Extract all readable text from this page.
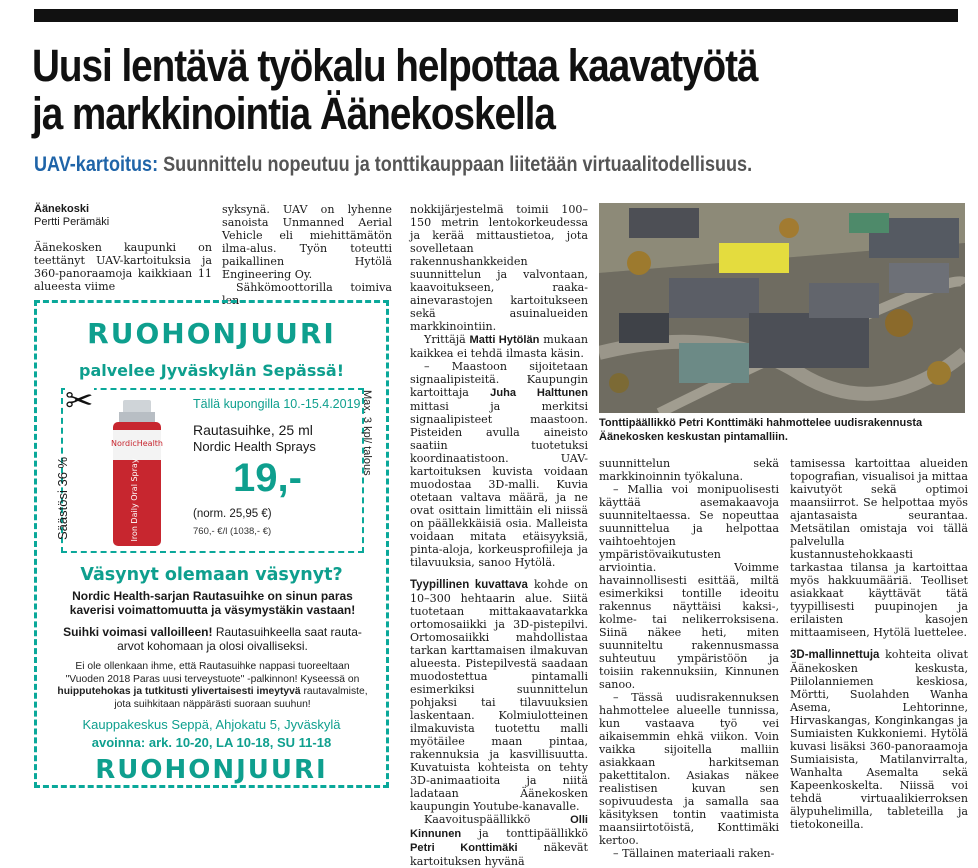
Uusi lentävä työkalu helpottaa kaavatyötä
ja markkinointia Äänekoskella
UAV-kartoitus: Suunnittelu nopeutuu ja tonttikauppaan liitetään virtuaalitodellisuus.
Äänekoski
Pertti Perämäki

Äänekosken kaupunki on teettänyt UAV-kartoituksia ja 360-panoraamoja kaikkiaan 11 alueesta viime

syksynä. UAV on lyhenne sanoista Unmanned Aerial Vehicle eli miehittämätön ilma-alus. Työn toteutti paikallinen Hytölä Engineering Oy.

Sähkömoottorilla toimiva len-

RUOHONJUURI
palvelee Jyväskylän Sepässä!
Säästösi 36 %
NordicHealth
Iron Daily Oral Spray
Tällä kupongilla 10.-15.4.2019
Rautasuihke, 25 ml
Nordic Health Sprays
19,-
(norm. 25,95 €)
760,- €/l (1038,- €)
Max. 3 kpl/ talous
✂
Väsynyt olemaan väsynyt?
Nordic Health-sarjan Rautasuihke on sinun paras kaverisi voimattomuutta ja väsymystäkin vastaan!
Suihki voimasi valloilleen! Rautasuihkeella saat rauta-arvot kohomaan ja olosi oivalliseksi.
Ei ole ollenkaan ihme, että Rautasuihke nappasi tuoreeltaan "Vuoden 2018 Paras uusi terveystuote" -palkinnon! Kyseessä on huipputehokas ja tutkitusti ylivertaisesti imeytyvä rautavalmiste, jota suihkitaan näppärästi suoraan suuhun!
Kauppakeskus Seppä, Ahjokatu 5, Jyväskylä
avoinna: ark. 10-20, LA 10-18, SU 11-18
RUOHONJUURI

nokkijärjestelmä toimii 100–150 metrin lentokorkeudessa ja kerää mittaustietoa, jota sovelletaan rakennushankkeiden suunnittelun ja valvontaan, kaavoitukseen, raaka-ainevarastojen kartoitukseen sekä asuinalueiden markkinointiin.

Yrittäjä Matti Hytölän mukaan kaikkea ei tehdä ilmasta käsin.

– Maastoon sijoitetaan signaalipisteitä. Kaupungin kartoittaja Juha Halttunen mittasi ja merkitsi signaalipisteet maastoon. Pisteiden avulla aineisto saatiin tuotetuksi koordinaatistoon. UAV-kartoituksen kuvista voidaan muodostaa 3D-malli. Kuvia otetaan valtava määrä, ja ne ovat osittain limittäin eli niissä on päällekkäisiä osia. Malleista voidaan mitata etäisyyksiä, pinta-aloja, korkeusprofiileja ja tilavuuksia, sanoo Hytölä.

Tyypillinen kuvattava kohde on 10–300 hehtaarin alue. Siitä tuotetaan mittakaavatarkka ortomosaiikki ja 3D-pistepilvi. Ortomosaiikki mahdollistaa tarkan karttamaisen ilmakuvan alueesta. Pistepilvestä saadaan muodostettua pintamalli esimerkiksi suunnittelun pohjaksi tai tilavuuksien laskentaan. Kolmiulotteinen ilmakuvista tuotettu malli myötäilee maan pintaa, rakennuksia ja kasvillisuutta. Kuvatuista kohteista on tehty 3D-animaatioita ja niitä ladataan Äänekosken kaupungin Youtube-kanavalle.

Kaavoituspäällikkö Olli Kinnunen ja tonttipäällikkö Petri Konttimäki näkevät kartoituksen hyvänä

Tonttipäällikkö Petri Konttimäki hahmottelee uudisrakennusta Äänekosken keskustan pintamalliin.

suunnittelun sekä markkinoinnin työkaluna.

– Mallia voi monipuolisesti käyttää asemakaavoja suunniteltaessa. Se nopeuttaa suunnittelua ja helpottaa vaihtoehtojen ympäristövaikutusten arviointia. Voimme havainnollisesti esittää, miltä esimerkiksi tontille ideoitu rakennus näyttäisi kaksi-, kolme- tai nelikerroksisena. Siinä näkee heti, miten suunniteltu rakennusmassa suhteutuu ympäristöön ja toisiin rakennuksiin, Kinnunen sanoo.

– Tässä uudisrakennuksen hahmottelee alueelle tunnissa, kun vastaava työ vei aikaisemmin ehkä viikon. Voin vaikka sijoitella malliin asiakkaan harkitseman pakettitalon. Asiakas näkee realistisen kuvan sen sopivuudesta ja samalla saa käsityksen tontin vaatimista maansiirtotöistä, Konttimäki kertoo.

– Tällainen materiaali raken-

tamisessa kartoittaa alueiden topografian, visualisoi ja mittaa kaivutyöt sekä optimoi maansiirrot. Se helpottaa myös ajantasaista seurantaa. Metsätilan omistaja voi tällä palvelulla kustannustehokkaasti tarkastaa tilansa ja kartoittaa myös hakkuumääriä. Teolliset asiakkaat käyttävät tätä tyypillisesti puupinojen ja erilaisten kasojen mittaamiseen, Hytölä luettelee.

3D-mallinnettuja kohteita olivat Äänekosken keskusta, Piilolanniemen keskiosa, Mörtti, Suolahden Wanha Asema, Lehtorinne, Hirvaskangas, Konginkangas ja Sumiaisten Kukkoniemi. Hytölä kuvasi lisäksi 360-panoraamoja Sumiaisista, Matilanvirralta, Wanhalta Asemalta sekä Kapeenkoskelta. Niissä voi tehdä virtuaalikierroksen älypuhelimilla, tableteilla ja tietokoneilla.
